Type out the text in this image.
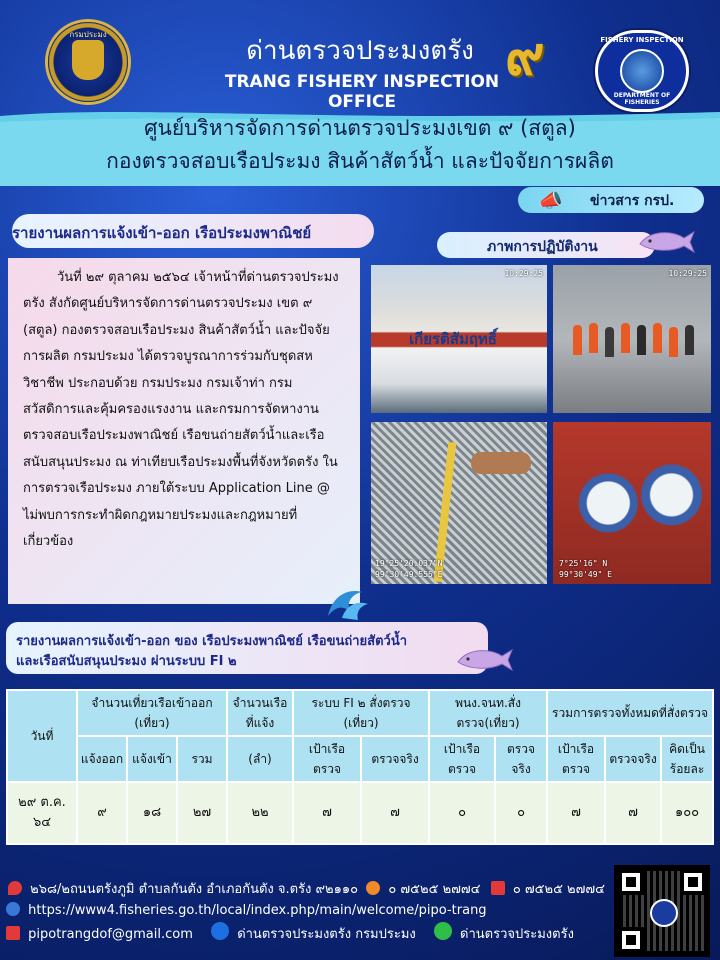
กรมประมง
ด่านตรวจประมงตรัง
TRANG FISHERY INSPECTION OFFICE
๙	FISHERY INSPECTION
DEPARTMENT OF FISHERIES
ศูนย์บริหารจัดการด่านตรวจประมงเขต ๙ (สตูล)
กองตรวจสอบเรือประมง สินค้าสัตว์น้ำ และปัจจัยการผลิต
📣 ข่าวสาร กรป.
รายงานผลการแจ้งเข้า-ออก เรือประมงพาณิชย์
ภาพการปฏิบัติงาน

วันที่ ๒๙ ตุลาคม ๒๕๖๔ เจ้าหน้าที่ด่านตรวจประมงตรัง สังกัดศูนย์บริหารจัดการด่านตรวจประมง เขต ๙ (สตูล) กองตรวจสอบเรือประมง สินค้าสัตว์น้ำ และปัจจัยการผลิต กรมประมง ได้ตรวจบูรณาการร่วมกับชุดสหวิชาชีพ ประกอบด้วย กรมประมง กรมเจ้าท่า กรมสวัสดิการและคุ้มครองแรงงาน และกรมการจัดหางาน ตรวจสอบเรือประมงพาณิชย์ เรือขนถ่ายสัตว์น้ำและเรือสนับสนุนประมง ณ ท่าเทียบเรือประมงพื้นที่จังหวัดตรัง ในการตรวจเรือประมง ภายใต้ระบบ Application Line @ ไม่พบการกระทำผิดกฎหมายประมงและกฎหมายที่เกี่ยวข้อง

เกียรติสัมฤทธิ์
10:29:25	10:29:25
19°25'20.037"N
99°30'49.555"E
7°25'16" N
99°30'49" E
รายงานผลการแจ้งเข้า-ออก ของ เรือประมงพาณิชย์ เรือขนถ่ายสัตว์น้ำ
และเรือสนับสนุนประมง ผ่านระบบ FI ๒
วันที่	จำนวนเที่ยวเรือเข้าออก (เที่ยว)			จำนวนเรือที่แจ้ง	ระบบ FI ๒ สั่งตรวจ (เที่ยว)		พนง.จนท.สั่งตรวจ(เที่ยว)		รวมการตรวจทั้งหมดที่สั่งตรวจ		
	แจ้งออก	แจ้งเข้า	รวม	(ลำ)	เป้าเรือตรวจ	ตรวจจริง	เป้าเรือตรวจ	ตรวจจริง	เป้าเรือตรวจ	ตรวจจริง	คิดเป็นร้อยละ
๒๙ ต.ค. ๖๔	๙	๑๘	๒๗	๒๒	๗	๗	๐	๐	๗	๗	๑๐๐
๒๖๘/๒ถนนตรังภูมิ ตำบลกันตัง อำเภอกันตัง จ.ตรัง ๙๒๑๑๐ ๐ ๗๕๒๕ ๒๗๗๔ ๐ ๗๕๒๕ ๒๗๗๔
https://www4.fisheries.go.th/local/index.php/main/welcome/pipo-trang
pipotrangdof@gmail.com	ด่านตรวจประมงตรัง กรมประมง	ด่านตรวจประมงตรัง
